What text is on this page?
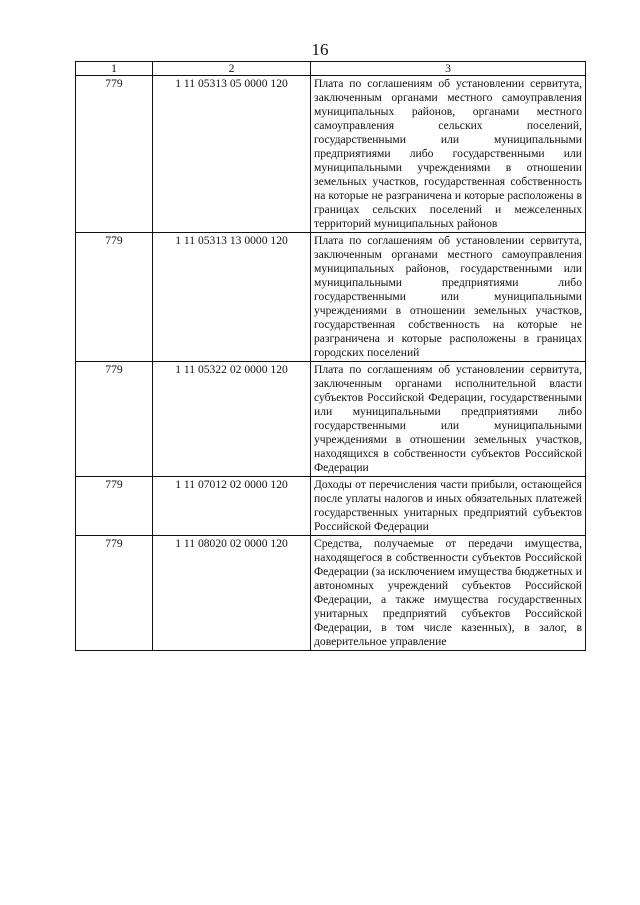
16
1	2	3
779	1 11 05313 05 0000 120	Плата по соглашениям об установлении сервитута, заключенным органами местного самоуправления муниципальных районов, органами местного самоуправления сельских поселений, государственными или муниципальными предприятиями либо государственными или муниципальными учреждениями в отношении земельных участков, государственная собственность на которые не разграничена и которые расположены в границах сельских поселений и межселенных территорий муниципальных районов
779	1 11 05313 13 0000 120	Плата по соглашениям об установлении сервитута, заключенным органами местного самоуправления муниципальных районов, государственными или муниципальными предприятиями либо государственными или муниципальными учреждениями в отношении земельных участков, государственная собственность на которые не разграничена и которые расположены в границах городских поселений
779	1 11 05322 02 0000 120	Плата по соглашениям об установлении сервитута, заключенным органами исполнительной власти субъектов Российской Федерации, государственными или муниципальными предприятиями либо государственными или муниципальными учреждениями в отношении земельных участков, находящихся в собственности субъектов Российской Федерации
779	1 11 07012 02 0000 120	Доходы от перечисления части прибыли, остающейся после уплаты налогов и иных обязательных платежей государственных унитарных предприятий субъектов Российской Федерации
779	1 11 08020 02 0000 120	Средства, получаемые от передачи имущества, находящегося в собственности субъектов Российской Федерации (за исключением имущества бюджетных и автономных учреждений субъектов Российской Федерации, а также имущества государственных унитарных предприятий субъектов Российской Федерации, в том числе казенных), в залог, в доверительное управление
